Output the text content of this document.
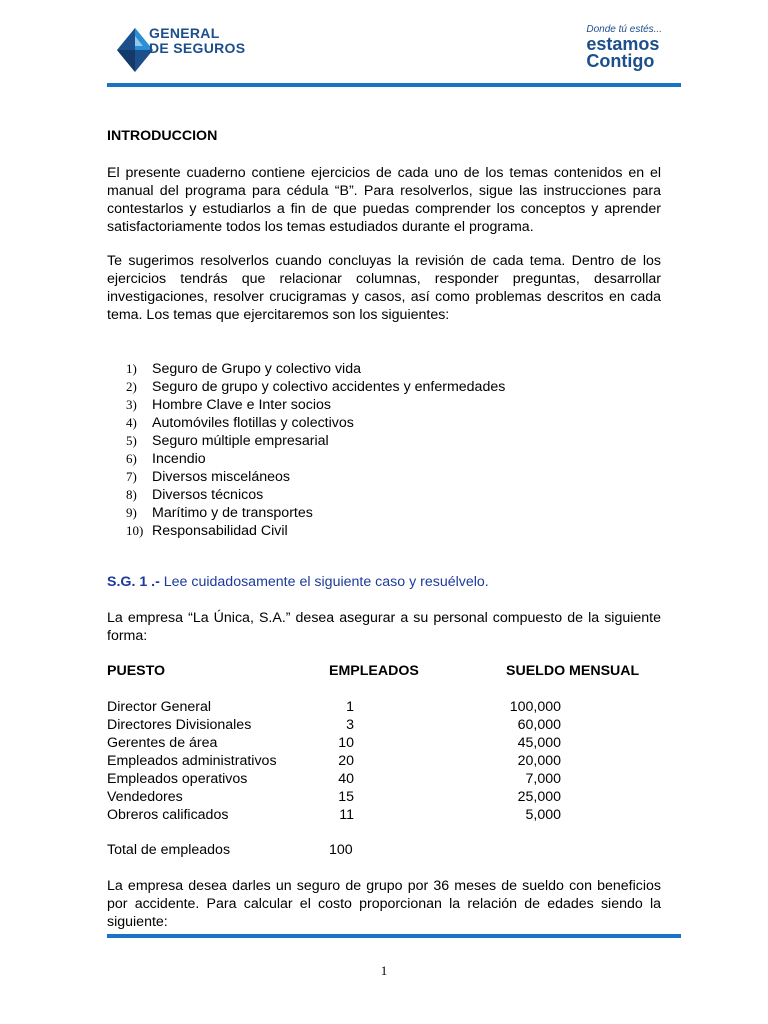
GENERAL
DE SEGUROS
Donde tú estés...
estamos
Contigo
INTRODUCCION
El presente cuaderno contiene ejercicios de cada uno de los temas contenidos en el manual del programa para cédula “B”. Para resolverlos, sigue las instrucciones para contestarlos y estudiarlos a fin de que puedas comprender los conceptos y aprender satisfactoriamente todos los temas estudiados durante el programa.
Te sugerimos resolverlos cuando concluyas la revisión de cada tema. Dentro de los ejercicios tendrás que relacionar columnas, responder preguntas, desarrollar investigaciones, resolver crucigramas y casos, así como problemas descritos en cada tema. Los temas que ejercitaremos son los siguientes:
1)	Seguro de Grupo y colectivo vida
2)	Seguro de grupo y colectivo accidentes y enfermedades
3)	Hombre Clave e Inter socios
4)	Automóviles flotillas y colectivos
5)	Seguro múltiple empresarial
6)	Incendio
7)	Diversos misceláneos
8)	Diversos técnicos
9)	Marítimo y de transportes
10) Responsabilidad Civil
S.G. 1 .- Lee cuidadosamente el siguiente caso y resuélvelo.
La empresa “La Única, S.A.” desea asegurar a su personal compuesto de la siguiente forma:
PUESTO	EMPLEADOS	SUELDO MENSUAL
Director General	1	100,000
Directores Divisionales	3	60,000
Gerentes de área	10	45,000
Empleados administrativos	20	20,000
Empleados operativos	40	7,000
Vendedores	15	25,000
Obreros calificados	11	5,000
Total de empleados	100
La empresa desea darles un seguro de grupo por 36 meses de sueldo con beneficios por accidente. Para calcular el costo proporcionan la relación de edades siendo la siguiente:
1
